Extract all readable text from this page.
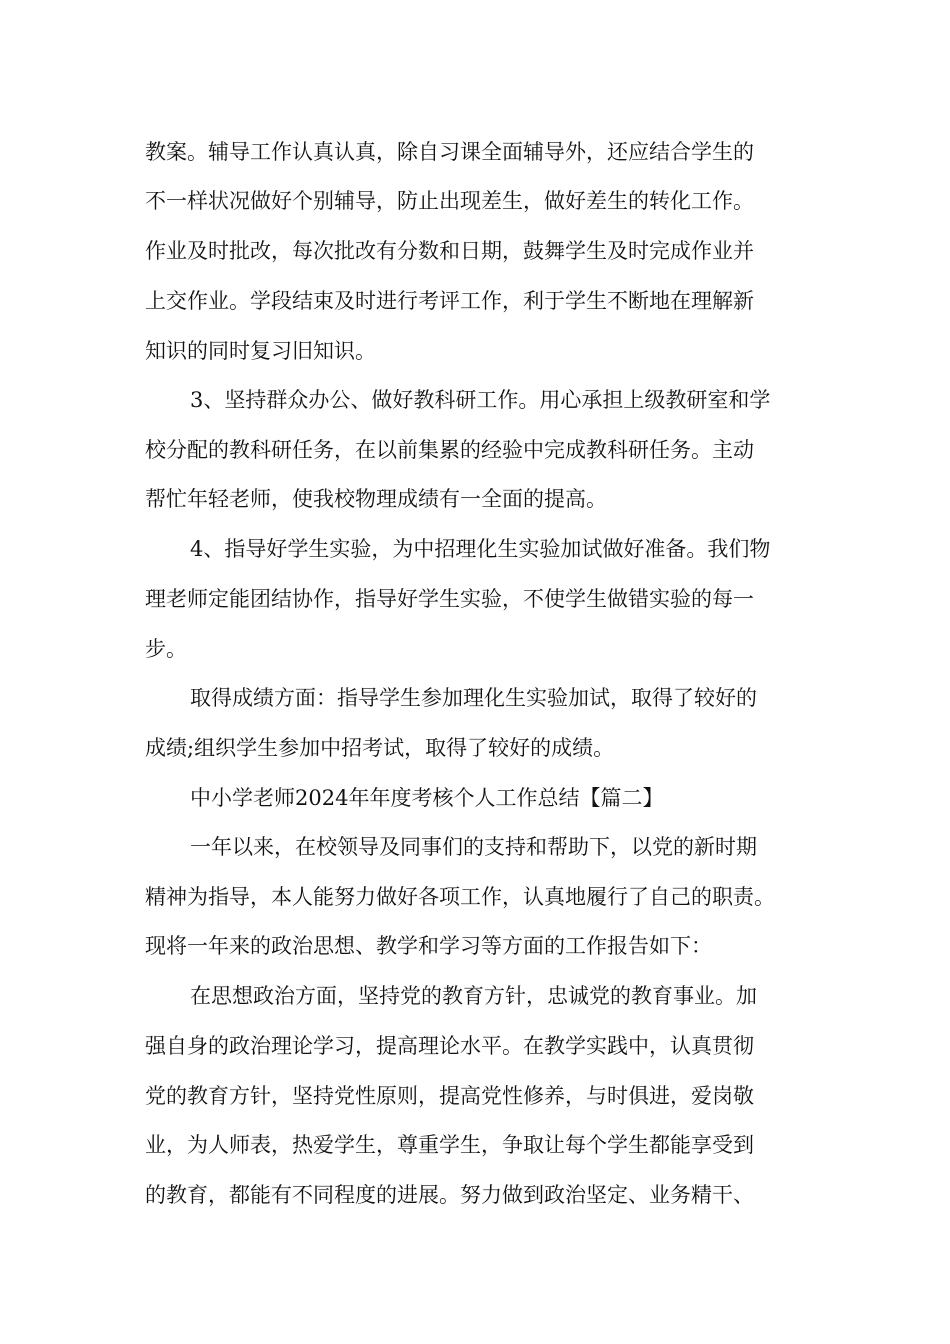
教案。辅导工作认真认真，除自习课全面辅导外，还应结合学生的
不一样状况做好个别辅导，防止出现差生，做好差生的转化工作。
作业及时批改，每次批改有分数和日期，鼓舞学生及时完成作业并
上交作业。学段结束及时进行考评工作，利于学生不断地在理解新
知识的同时复习旧知识。
3、坚持群众办公、做好教科研工作。用心承担上级教研室和学
校分配的教科研任务，在以前集累的经验中完成教科研任务。主动
帮忙年轻老师，使我校物理成绩有一全面的提高。
4、指导好学生实验，为中招理化生实验加试做好准备。我们物
理老师定能团结协作，指导好学生实验，不使学生做错实验的每一
步。
取得成绩方面：指导学生参加理化生实验加试，取得了较好的
成绩;组织学生参加中招考试，取得了较好的成绩。
中小学老师2024年年度考核个人工作总结【篇二】
一年以来，在校领导及同事们的支持和帮助下，以党的新时期
精神为指导，本人能努力做好各项工作，认真地履行了自己的职责。
现将一年来的政治思想、教学和学习等方面的工作报告如下：
在思想政治方面，坚持党的教育方针，忠诚党的教育事业。加
强自身的政治理论学习，提高理论水平。在教学实践中，认真贯彻
党的教育方针，坚持党性原则，提高党性修养，与时俱进，爱岗敬
业，为人师表，热爱学生，尊重学生，争取让每个学生都能享受到
的教育，都能有不同程度的进展。努力做到政治坚定、业务精干、
